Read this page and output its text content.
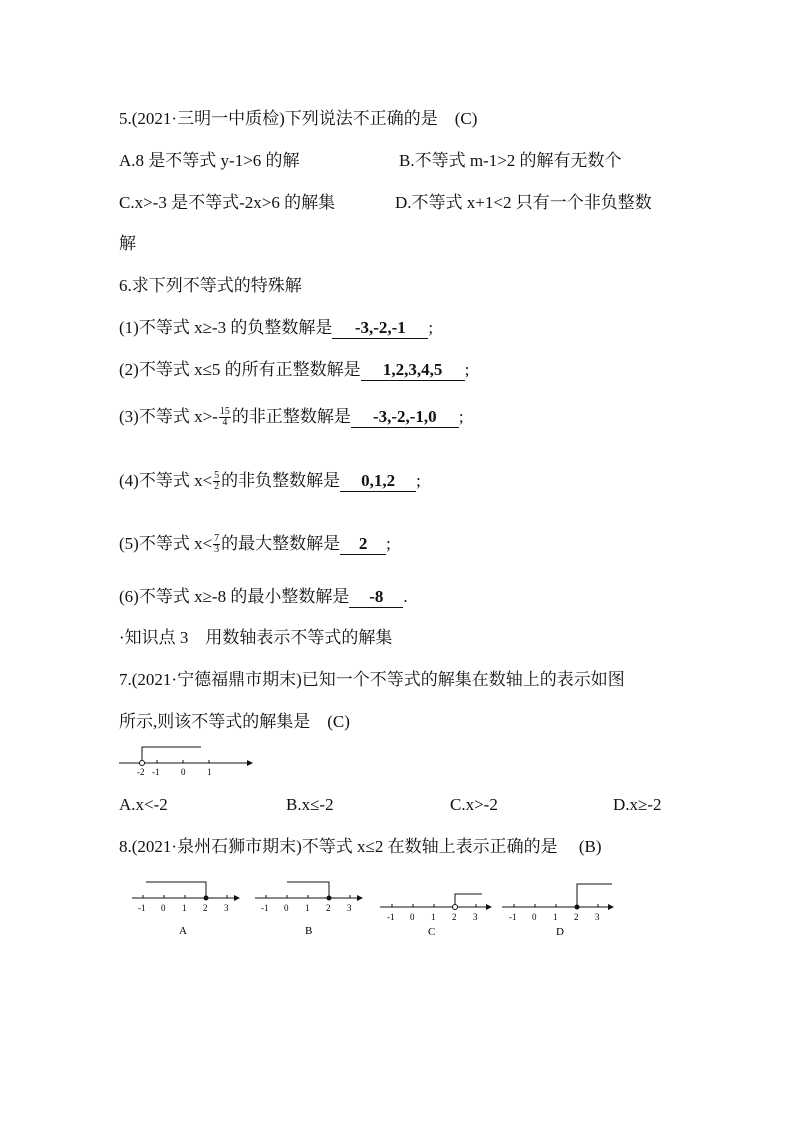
5.(2021·三明一中质检)下列说法不正确的是　(C)
A.8 是不等式 y-1>6 的解	B.不等式 m-1>2 的解有无数个
C.x>-3 是不等式-2x>6 的解集	D.不等式 x+1<2 只有一个非负整数
解
6.求下列不等式的特殊解
(1)不等式 x≥-3 的负整数解是 -3,-2,-1 ;
(2)不等式 x≤5 的所有正整数解是 1,2,3,4,5 ;
(3)不等式 $x>- \frac{15}{4}$ 的非正整数解是 -3,-2,-1,0 ;
(4)不等式 $x< \frac{5}{2}$ 的非负整数解是 0,1,2 ;
(5)不等式 $x< \frac{7}{3}$ 的最大整数解是 2 ;
(6)不等式 x≥-8 的最小整数解是 -8 .
·知识点 3　用数轴表示不等式的解集
7.(2021·宁德福鼎市期末)已知一个不等式的解集在数轴上的表示如图
所示,则该不等式的解集是　(C)
-2 -1 0 1
A.x<-2	B.x≤-2	C.x>-2	D.x≥-2
8.(2021·泉州石狮市期末)不等式 x≤2 在数轴上表示正确的是　 (B)
-1 0 1 2 3
A
-1 0 1 2 3
B
-1 0 1 2 3
C
-1 0 1 2 3
D
